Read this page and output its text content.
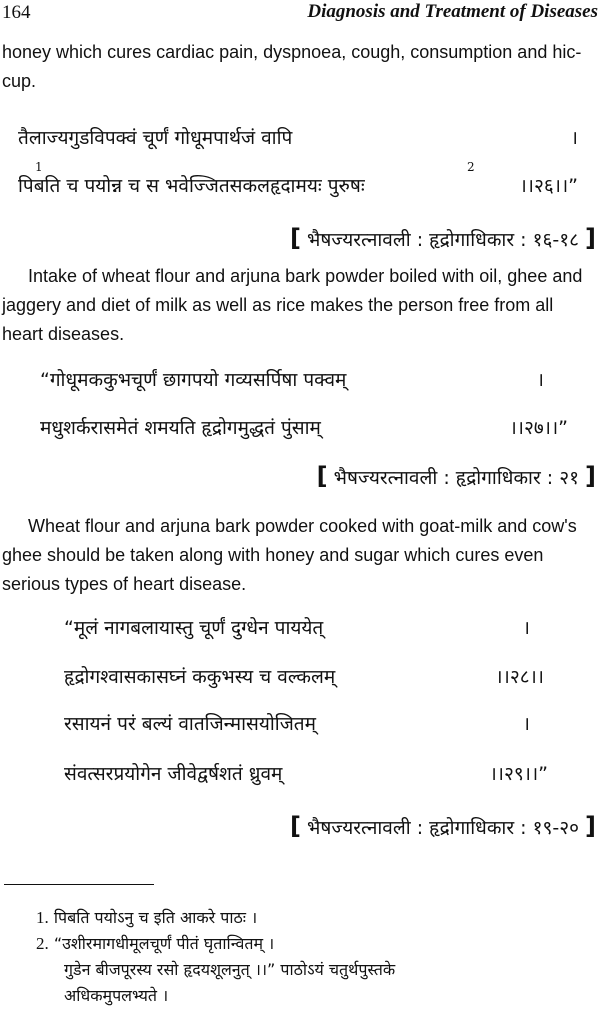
164	Diagnosis and Treatment of Diseases
honey which cures cardiac pain, dyspnoea, cough, consumption and hic-cup.
तैलाज्यगुडविपक्वं चूर्णं गोधूमपार्थजं वापि	।
1	2
पिबति च पयोन्न च स भवेज्जितसकलहृदामयः पुरुषः	।।२६।।”
[ भैषज्यरत्नावली : हृद्रोगाधिकार : १६-१८ ]
Intake of wheat flour and arjuna bark powder boiled with oil, ghee and jaggery and diet of milk as well as rice makes the person free from all heart diseases.
“गोधूमककुभचूर्णं छागपयो गव्यसर्पिषा पक्वम्	।
मधुशर्करासमेतं शमयति हृद्रोगमुद्धतं पुंसाम्	।।२७।।”
[ भैषज्यरत्नावली : हृद्रोगाधिकार : २१ ]
Wheat flour and arjuna bark powder cooked with goat-milk and cow's ghee should be taken along with honey and sugar which cures even serious types of heart disease.
“मूलं नागबलायास्तु चूर्णं दुग्धेन पाययेत्	।
हृद्रोगश्वासकासघ्नं ककुभस्य च वल्कलम्	।।२८।।
रसायनं परं बल्यं वातजिन्मासयोजितम्	।
संवत्सरप्रयोगेन जीवेद्वर्षशतं ध्रुवम्	।।२९।।”
[ भैषज्यरत्नावली : हृद्रोगाधिकार : १९-२० ]
1. पिबति पयोऽनु च इति आकरे पाठः ।
2. “उशीरमागधीमूलचूर्णं पीतं घृतान्वितम् ।
गुडेन बीजपूरस्य रसो हृदयशूलनुत् ।।” पाठोऽयं चतुर्थपुस्तके
अधिकमुपलभ्यते ।
